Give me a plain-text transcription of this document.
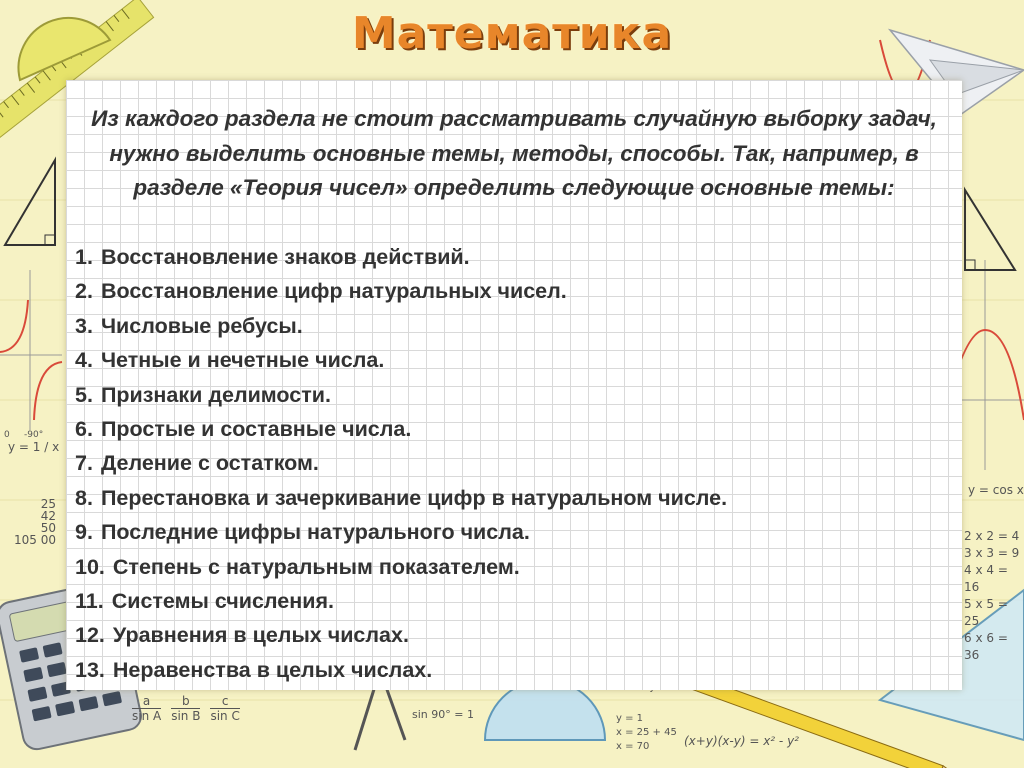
y = 1 / x
y = cos x
-90°
0
25
42
50
105 00	2 x 2 = 4
3 x 3 = 9
4 x 4 = 16
5 x 5 = 25
6 x 6 = 36
a
sin A
b
sin B
c
sin C	sin 90° = 1	y = 1
x = 25 + 45
x = 70	(x+y)(x-y) = x² - y²
Математика
Из каждого раздела не стоит рассматривать случайную выборку задач, нужно выделить основные темы, методы, способы. Так, например, в разделе «Теория чисел» определить следующие основные темы:
1. Восстановление знаков действий.
2. Восстановление цифр натуральных чисел.
3. Числовые ребусы.
4. Четные и нечетные числа.
5. Признаки делимости.
6. Простые и составные числа.
7. Деление с остатком.
8. Перестановка и зачеркивание цифр в натуральном числе.
9. Последние цифры натурального числа.
10. Степень с натуральным показателем.
11. Системы счисления.
12. Уравнения в целых числах.
13. Неравенства в целых числах.
